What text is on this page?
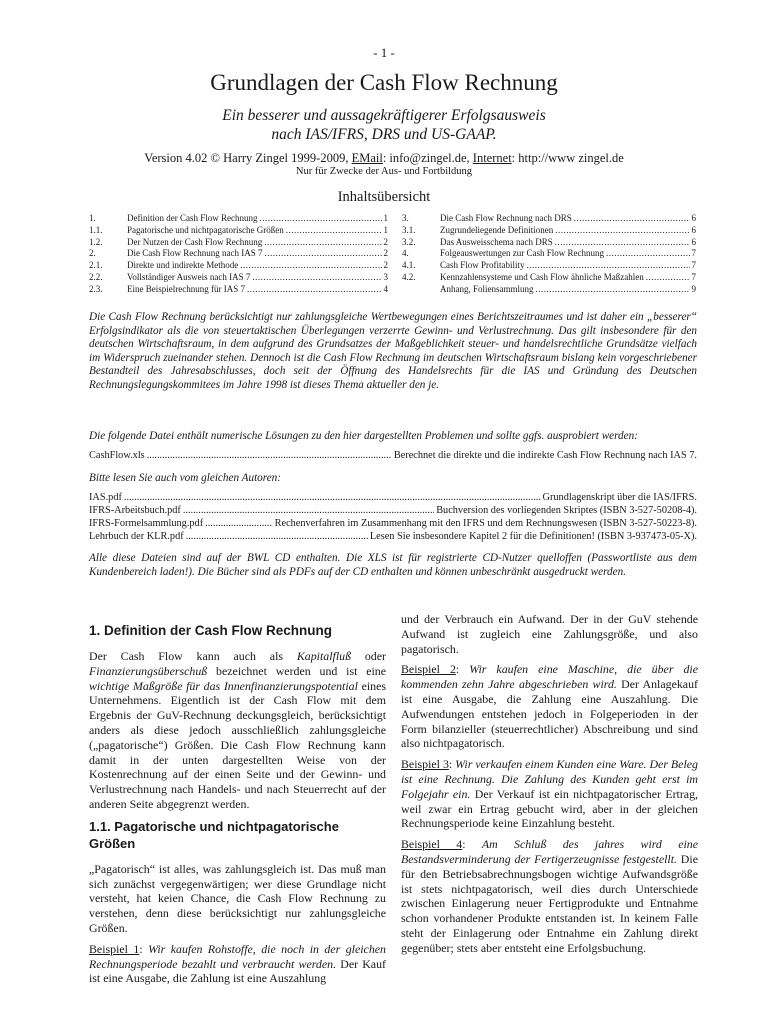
- 1 -
Grundlagen der Cash Flow Rechnung
Ein besserer und aussagekräftigerer Erfolgsausweis
nach IAS/IFRS, DRS und US-GAAP.
Version 4.02 © Harry Zingel 1999-2009, EMail: info@zingel.de, Internet: http://www zingel.de
Nur für Zwecke der Aus- und Fortbildung
Inhaltsübersicht
1.	Definition der Cash Flow Rechnung .....	1
1.1.	Pagatorische und nichtpagatorische Größen .....	1
1.2.	Der Nutzen der Cash Flow Rechnung .....	2
2.	Die Cash Flow Rechnung nach IAS 7 .....	2
2.1.	Direkte und indirekte Methode .....	2
2.2.	Vollständiger Ausweis nach IAS 7 .....	3
2.3.	Eine Beispielrechnung für IAS 7 .....	4
3.	Die Cash Flow Rechnung nach DRS .....	6
3.1.	Zugrundeliegende Definitionen .....	6
3.2.	Das Ausweisschema nach DRS .....	6
4.	Folgeauswertungen zur Cash Flow Rechnung .....	7
4.1.	Cash Flow Profitability .....	7
4.2.	Kennzahlensysteme und Cash Flow ähnliche Maßzahlen .....	7
Anhang, Foliensammlung .....	9

Die Cash Flow Rechnung berücksichtigt nur zahlungsgleiche Wertbewegungen eines Berichtszeitraumes und ist daher ein „besserer“ Erfolgsindikator als die von steuertaktischen Überlegungen verzerrte Gewinn- und Verlustrechnung. Das gilt insbesondere für den deutschen Wirtschaftsraum, in dem aufgrund des Grundsatzes der Maßgeblichkeit steuer- und handelsrechtliche Grundsätze vielfach im Widerspruch zueinander stehen. Dennoch ist die Cash Flow Rechnung im deutschen Wirtschaftsraum bislang kein vorgeschriebener Bestandteil des Jahresabschlusses, doch seit der Öffnung des Handelsrechts für die IAS und Gründung des Deutschen Rechnungslegungskommitees im Jahre 1998 ist dieses Thema aktueller den je.

Die folgende Datei enthält numerische Lösungen zu den hier dargestellten Problemen und sollte ggfs. ausprobiert werden:

CashFlow.xls .....	Berechnet die direkte und die indirekte Cash Flow Rechnung nach IAS 7.

Bitte lesen Sie auch vom gleichen Autoren:

IAS.pdf .....	Grundlagenskript über die IAS/IFRS.
IFRS-Arbeitsbuch.pdf .....	Buchversion des vorliegenden Skriptes (ISBN 3-527-50208-4).
IFRS-Formelsammlung.pdf .....	Rechenverfahren im Zusammenhang mit den IFRS und dem Rechnungswesen (ISBN 3-527-50223-8).
Lehrbuch der KLR.pdf .....	Lesen Sie insbesondere Kapitel 2 für die Definitionen! (ISBN 3-937473-05-X).

Alle diese Dateien sind auf der BWL CD enthalten. Die XLS ist für registrierte CD-Nutzer quelloffen (Passwortliste aus dem Kundenbereich laden!). Die Bücher sind als PDFs auf der CD enthalten und können unbeschränkt ausgedruckt werden.

1. Definition der Cash Flow Rechnung

Der Cash Flow kann auch als Kapitalfluß oder Finanzierungsüberschuß bezeichnet werden und ist eine wichtige Maßgröße für das Innenfinanzierungspotential eines Unternehmens. Eigentlich ist der Cash Flow mit dem Ergebnis der GuV-Rechnung deckungsgleich, berücksichtigt anders als diese jedoch ausschließlich zahlungsgleiche („pagatorische“) Größen. Die Cash Flow Rechnung kann damit in der unten dargestellten Weise von der Kostenrechnung auf der einen Seite und der Gewinn- und Verlustrechnung nach Handels- und nach Steuerrecht auf der anderen Seite abgegrenzt werden.

1.1. Pagatorische und nichtpagatorische Größen

„Pagatorisch“ ist alles, was zahlungsgleich ist. Das muß man sich zunächst vergegenwärtigen; wer diese Grundlage nicht versteht, hat keien Chance, die Cash Flow Rechnung zu verstehen, denn diese berücksichtigt nur zahlungsgleiche Größen.

Beispiel 1: Wir kaufen Rohstoffe, die noch in der gleichen Rechnungsperiode bezahlt und verbraucht werden. Der Kauf ist eine Ausgabe, die Zahlung ist eine Auszahlung

und der Verbrauch ein Aufwand. Der in der GuV stehende Aufwand ist zugleich eine Zahlungsgröße, und also pagatorisch.

Beispiel 2: Wir kaufen eine Maschine, die über die kommenden zehn Jahre abgeschrieben wird. Der Anlagekauf ist eine Ausgabe, die Zahlung eine Auszahlung. Die Aufwendungen entstehen jedoch in Folgeperioden in der Form bilanzieller (steuerrechtlicher) Abschreibung und sind also nichtpagatorisch.

Beispiel 3: Wir verkaufen einem Kunden eine Ware. Der Beleg ist eine Rechnung. Die Zahlung des Kunden geht erst im Folgejahr ein. Der Verkauf ist ein nichtpagatorischer Ertrag, weil zwar ein Ertrag gebucht wird, aber in der gleichen Rechnungsperiode keine Einzahlung besteht.

Beispiel 4: Am Schluß des jahres wird eine Bestandsverminderung der Fertigerzeugnisse festgestellt. Die für den Betriebsabrechnungsbogen wichtige Aufwandsgröße ist stets nichtpagatorisch, weil dies durch Unterschiede zwischen Einlagerung neuer Fertigprodukte und Entnahme schon vorhandener Produkte entstanden ist. In keinem Falle steht der Einlagerung oder Entnahme ein Zahlung direkt gegenüber; stets aber entsteht eine Erfolgsbuchung.
